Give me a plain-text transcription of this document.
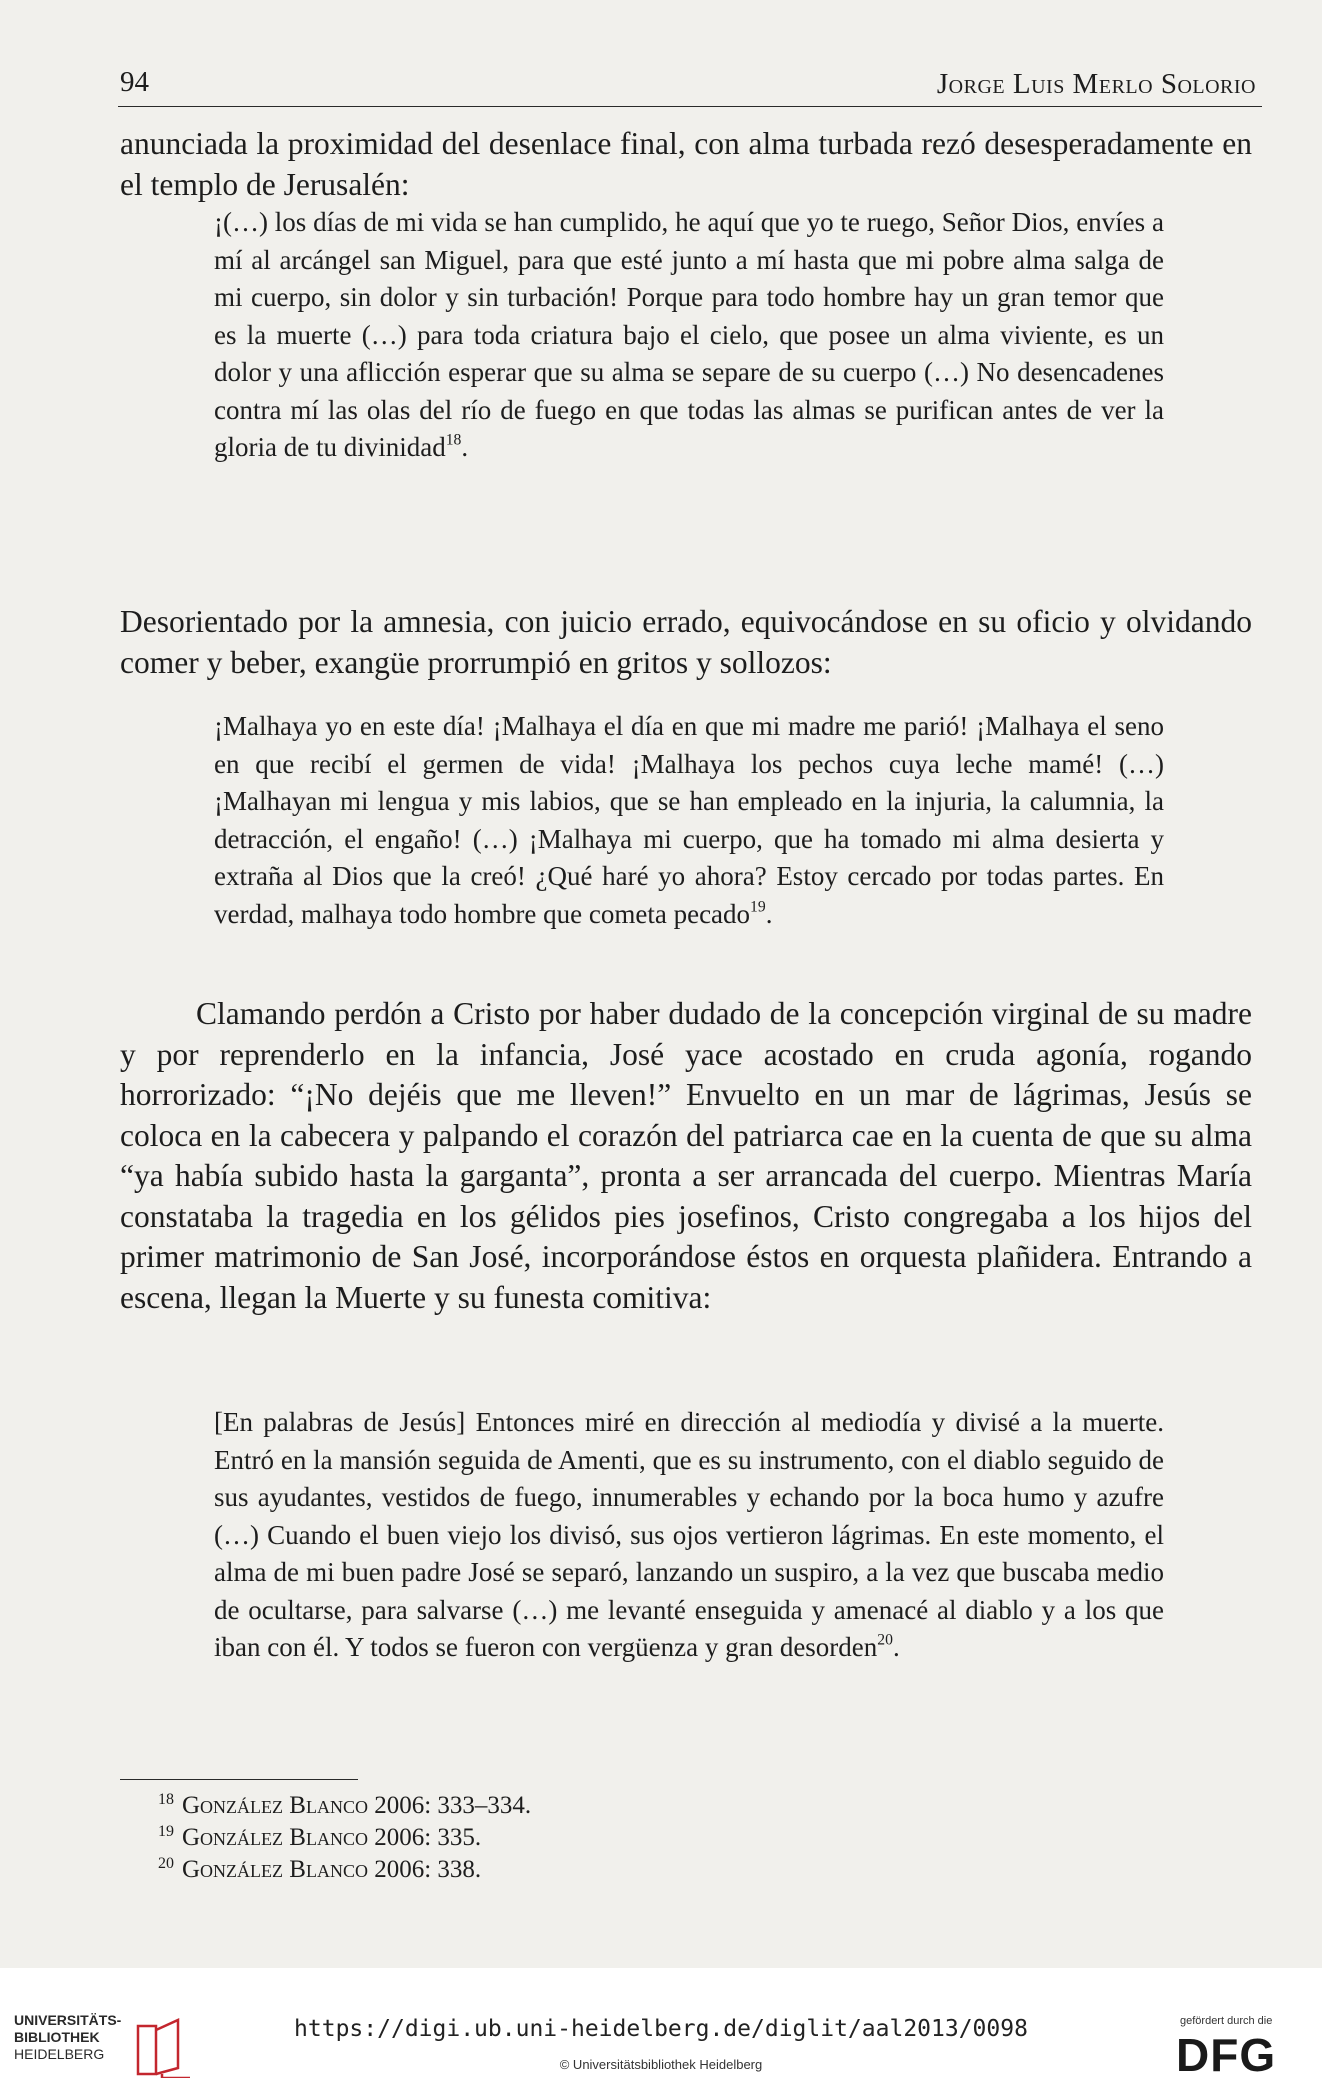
94	Jorge Luis Merlo Solorio

anunciada la proximidad del desenlace final, con alma turbada rezó desesperadamente en el templo de Jerusalén:

¡(…) los días de mi vida se han cumplido, he aquí que yo te ruego, Señor Dios, envíes a mí al arcángel san Miguel, para que esté junto a mí hasta que mi pobre alma salga de mi cuerpo, sin dolor y sin turbación! Porque para todo hombre hay un gran temor que es la muerte (…) para toda criatura bajo el cielo, que posee un alma viviente, es un dolor y una aflicción esperar que su alma se separe de su cuerpo (…) No desencadenes contra mí las olas del río de fuego en que todas las almas se purifican antes de ver la gloria de tu divinidad$^{18}$.

Desorientado por la amnesia, con juicio errado, equivocándose en su oficio y olvidando comer y beber, exangüe prorrumpió en gritos y sollozos:

¡Malhaya yo en este día! ¡Malhaya el día en que mi madre me parió! ¡Malhaya el seno en que recibí el germen de vida! ¡Malhaya los pechos cuya leche mamé! (…) ¡Malhayan mi lengua y mis labios, que se han empleado en la injuria, la calumnia, la detracción, el engaño! (…) ¡Malhaya mi cuerpo, que ha tomado mi alma desierta y extraña al Dios que la creó! ¿Qué haré yo ahora? Estoy cercado por todas partes. En verdad, malhaya todo hombre que cometa pecado$^{19}$.

Clamando perdón a Cristo por haber dudado de la concepción virginal de su madre y por reprenderlo en la infancia, José yace acostado en cruda agonía, rogando horrorizado: “¡No dejéis que me lleven!” Envuelto en un mar de lágrimas, Jesús se coloca en la cabecera y palpando el corazón del patriarca cae en la cuenta de que su alma “ya había subido hasta la garganta”, pronta a ser arrancada del cuerpo. Mientras María constataba la tragedia en los gélidos pies josefinos, Cristo congregaba a los hijos del primer matrimonio de San José, incorporándose éstos en orquesta plañidera. Entrando a escena, llegan la Muerte y su funesta comitiva:

[En palabras de Jesús] Entonces miré en dirección al mediodía y divisé a la muerte. Entró en la mansión seguida de Amenti, que es su instrumento, con el diablo seguido de sus ayudantes, vestidos de fuego, innumerables y echando por la boca humo y azufre (…) Cuando el buen viejo los divisó, sus ojos vertieron lágrimas. En este momento, el alma de mi buen padre José se separó, lanzando un suspiro, a la vez que buscaba medio de ocultarse, para salvarse (…) me levanté enseguida y amenacé al diablo y a los que iban con él. Y todos se fueron con vergüenza y gran desorden$^{20}$.

18 González Blanco 2006: 333–334.
19 González Blanco 2006: 335.
20 González Blanco 2006: 338.
UNIVERSITÄTS-
BIBLIOTHEK
HEIDELBERG
https://digi.ub.uni-heidelberg.de/diglit/aal2013/0098
© Universitätsbibliothek Heidelberg
gefördert durch die
DFG
